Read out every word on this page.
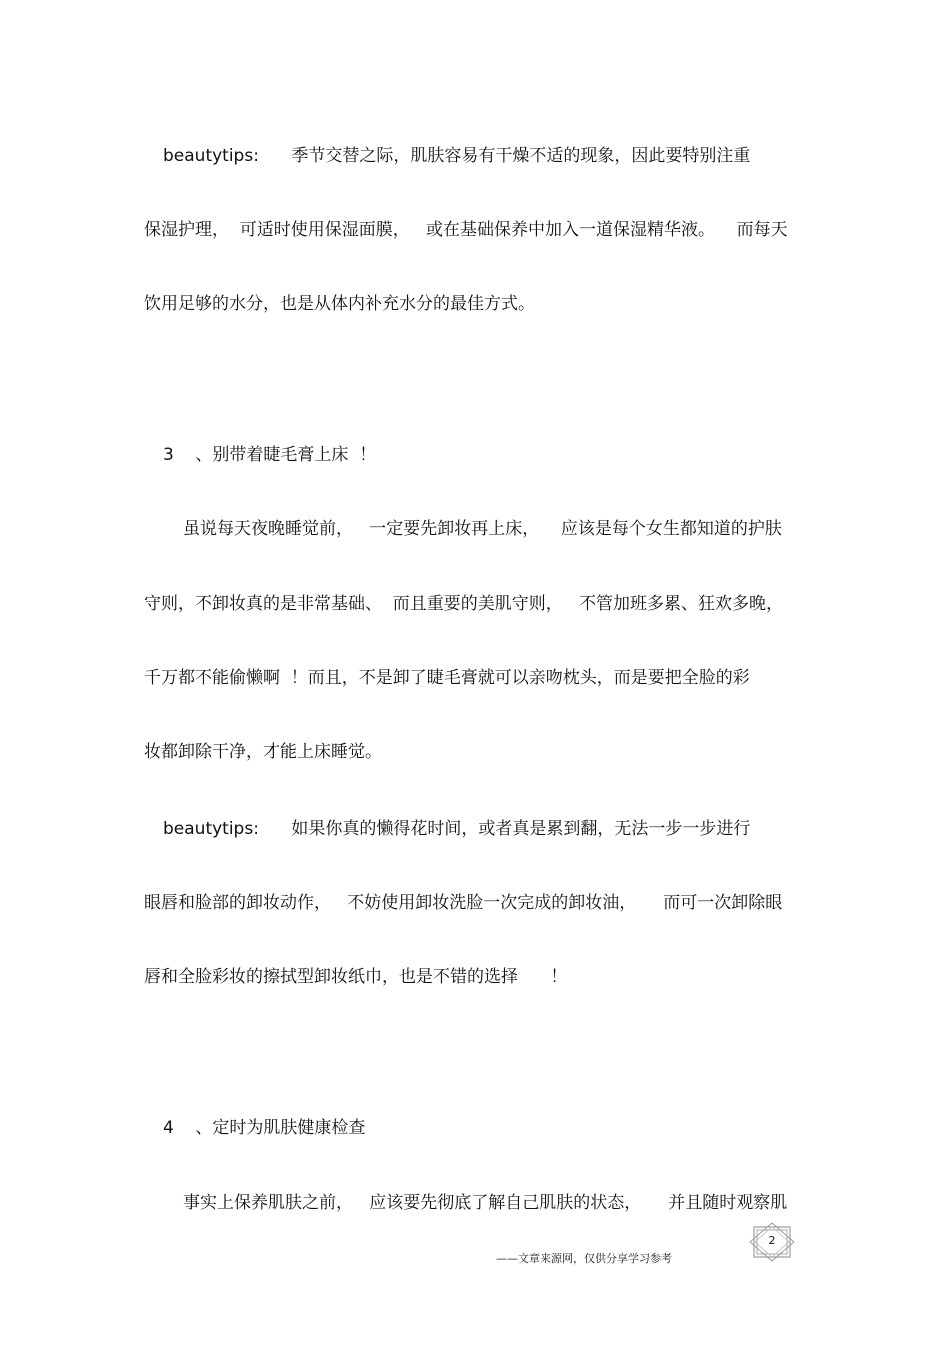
beautytips:      季节交替之际，肌肤容易有干燥不适的现象，因此要特别注重
保湿护理，  可适时使用保湿面膜，   或在基础保养中加入一道保湿精华液。    而每天
饮用足够的水分，也是从体内补充水分的最佳方式。
3    、别带着睫毛膏上床  ！
虽说每天夜晚睡觉前，   一定要先卸妆再上床，    应该是每个女生都知道的护肤
守则，不卸妆真的是非常基础、  而且重要的美肌守则，   不管加班多累、狂欢多晚，
千万都不能偷懒啊  ！而且，不是卸了睫毛膏就可以亲吻枕头，而是要把全脸的彩
妆都卸除干净，才能上床睡觉。
beautytips:      如果你真的懒得花时间，或者真是累到翻，无法一步一步进行
眼唇和脸部的卸妆动作，   不妨使用卸妆洗脸一次完成的卸妆油，     而可一次卸除眼
唇和全脸彩妆的擦拭型卸妆纸巾，也是不错的选择      ！
4    、定时为肌肤健康检查
事实上保养肌肤之前，   应该要先彻底了解自己肌肤的状态，     并且随时观察肌
2
——文章来源网，仅供分享学习参考
